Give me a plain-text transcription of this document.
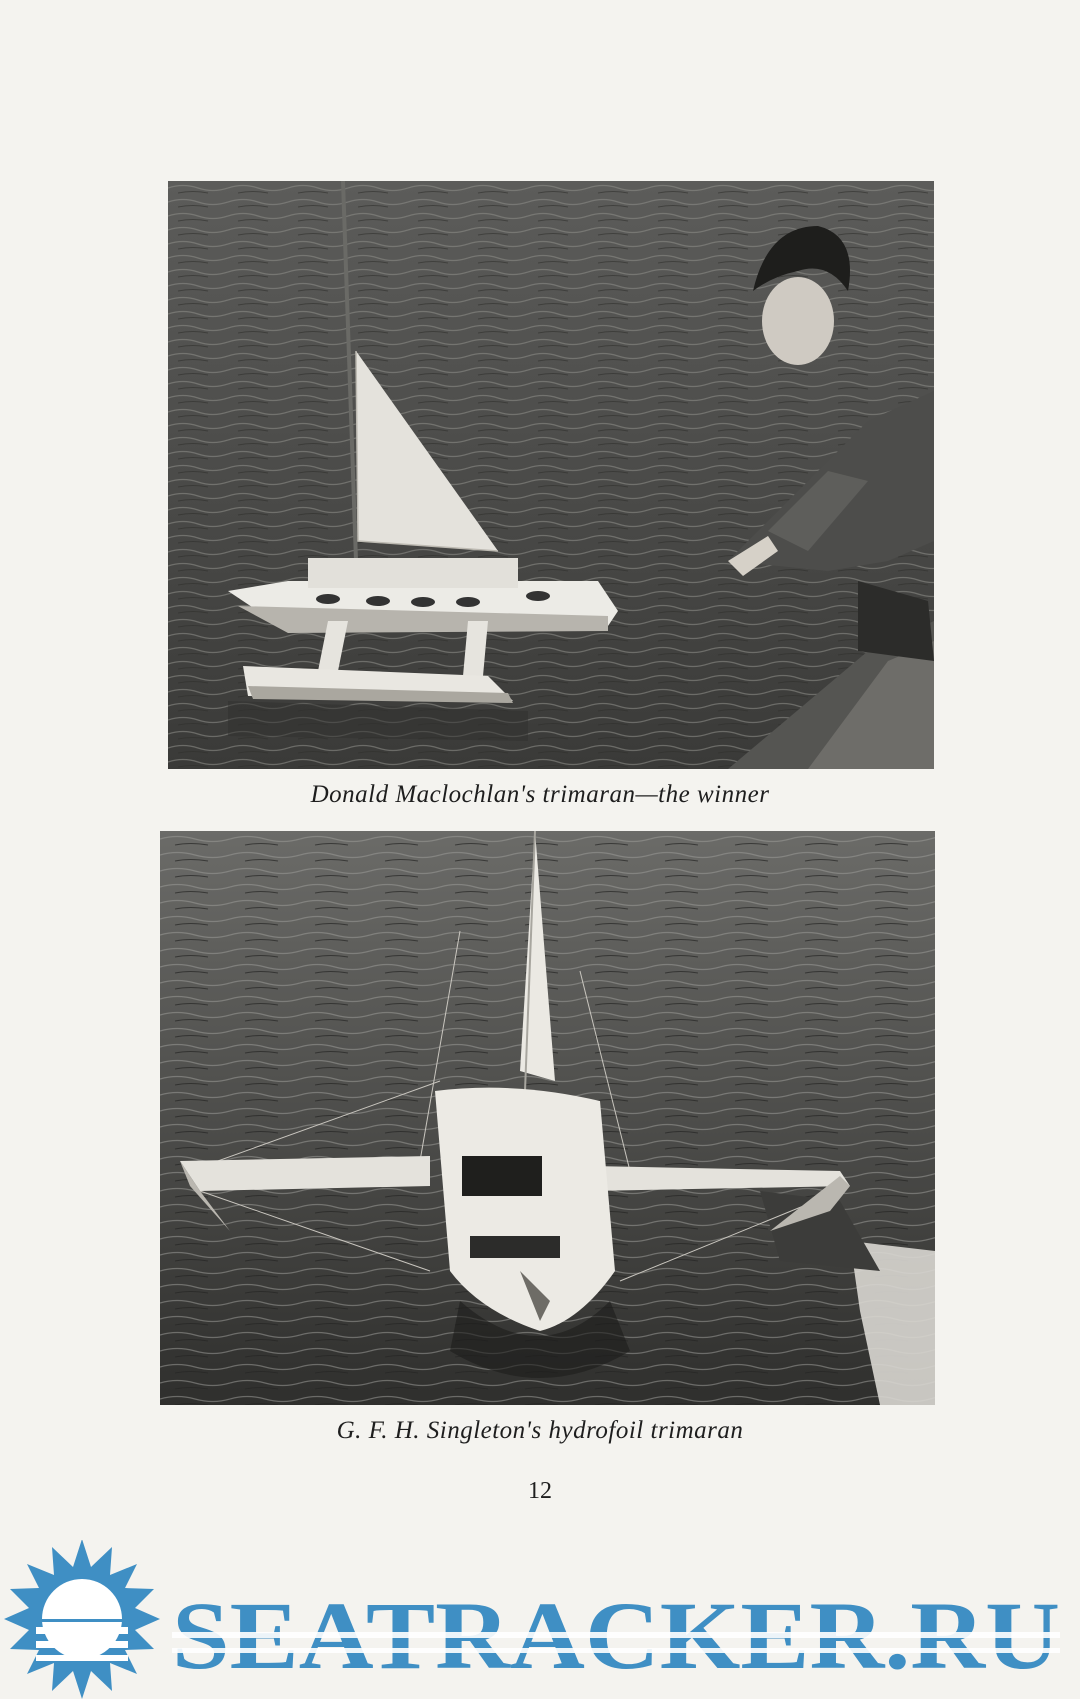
Donald Maclochlan's trimaran—the winner
G. F. H. Singleton's hydrofoil trimaran
12
